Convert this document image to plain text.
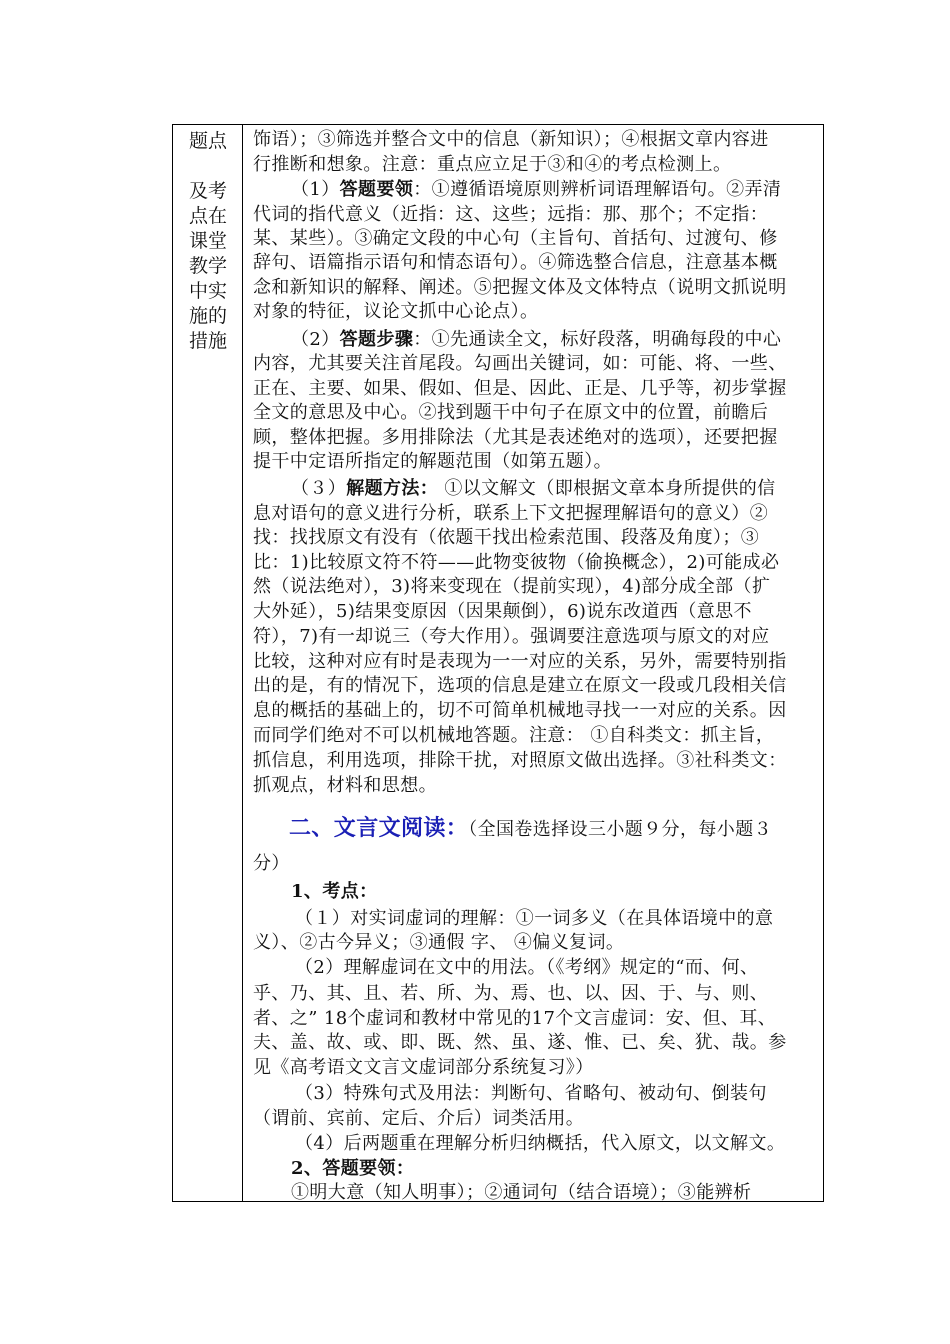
题点
及考
点在
课堂
教学
中实
施的
措施
饰语）；③筛选并整合文中的信息（新知识）；④根据文章内容进
行推断和想象。注意：重点应立足于③和④的考点检测上。
（1）答题要领：①遵循语境原则辨析词语理解语句。②弄清
代词的指代意义（近指：这、这些；远指：那、那个；不定指：
某、某些）。③确定文段的中心句（主旨句、首括句、过渡句、修
辞句、语篇指示语句和情态语句）。④筛选整合信息，注意基本概
念和新知识的解释、阐述。⑤把握文体及文体特点（说明文抓说明
对象的特征，议论文抓中心论点）。
（2）答题步骤：①先通读全文，标好段落，明确每段的中心
内容，尤其要关注首尾段。勾画出关键词，如：可能、将、一些、
正在、主要、如果、假如、但是、因此、正是、几乎等，初步掌握
全文的意思及中心。②找到题干中句子在原文中的位置，前瞻后
顾，整体把握。多用排除法（尤其是表述绝对的选项），还要把握
提干中定语所指定的解题范围（如第五题）。
（３）解题方法： ①以文解文（即根据文章本身所提供的信
息对语句的意义进行分析，联系上下文把握理解语句的意义）②
找：找找原文有没有（依题干找出检索范围、段落及角度）；③
比：1)比较原文符不符——此物变彼物（偷换概念），2)可能成必
然（说法绝对），3)将来变现在（提前实现），4)部分成全部（扩
大外延），5)结果变原因（因果颠倒），6)说东改道西（意思不
符），7)有一却说三（夸大作用）。强调要注意选项与原文的对应
比较，这种对应有时是表现为一一对应的关系，另外，需要特别指
出的是，有的情况下，选项的信息是建立在原文一段或几段相关信
息的概括的基础上的，切不可简单机械地寻找一一对应的关系。因
而同学们绝对不可以机械地答题。注意： ①自科类文：抓主旨，
抓信息，利用选项，排除干扰，对照原文做出选择。③社科类文：
抓观点，材料和思想。
二、文言文阅读：（全国卷选择设三小题９分，每小题３
分）
1、考点：
（１）对实词虚词的理解：①一词多义（在具体语境中的意
义）、②古今异义；③通假 字、 ④偏义复词。
（2）理解虚词在文中的用法。（《考纲》规定的“而、何、
乎、乃、其、且、若、所、为、焉、也、以、因、于、与、则、
者、之” 18个虚词和教材中常见的17个文言虚词：安、但、耳、
夫、盖、故、或、即、既、然、虽、遂、惟、已、矣、犹、哉。参
见《高考语文文言文虚词部分系统复习》）
（3）特殊句式及用法：判断句、省略句、被动句、倒装句
（谓前、宾前、定后、介后）词类活用。
（4）后两题重在理解分析归纳概括，代入原文，以文解文。
2、答题要领：
①明大意（知人明事）；②通词句（结合语境）；③能辨析
